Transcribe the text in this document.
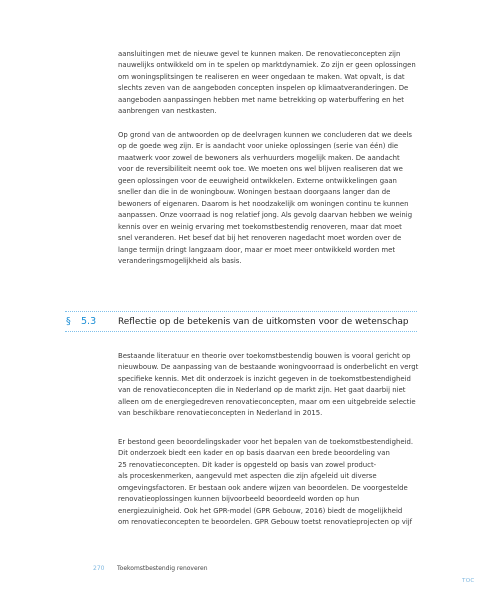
aansluitingen met de nieuwe gevel te kunnen maken. De renovatieconcepten zijn
nauwelijks ontwikkeld om in te spelen op marktdynamiek. Zo zijn er geen oplossingen
om woningsplitsingen te realiseren en weer ongedaan te maken. Wat opvalt, is dat
slechts zeven van de aangeboden concepten inspelen op klimaatveranderingen. De
aangeboden aanpassingen hebben met name betrekking op waterbuffering en het
aanbrengen van nestkasten.
Op grond van de antwoorden op de deelvragen kunnen we concluderen dat we deels
op de goede weg zijn. Er is aandacht voor unieke oplossingen (serie van één) die
maatwerk voor zowel de bewoners als verhuurders mogelijk maken. De aandacht
voor de reversibiliteit neemt ook toe. We moeten ons wel blijven realiseren dat we
geen oplossingen voor de eeuwigheid ontwikkelen. Externe ontwikkelingen gaan
sneller dan die in de woningbouw. Woningen bestaan doorgaans langer dan de
bewoners of eigenaren. Daarom is het noodzakelijk om woningen continu te kunnen
aanpassen. Onze voorraad is nog relatief jong. Als gevolg daarvan hebben we weinig
kennis over en weinig ervaring met toekomstbestendig renoveren, maar dat moet
snel veranderen. Het besef dat bij het renoveren nagedacht moet worden over de
lange termijn dringt langzaam door, maar er moet meer ontwikkeld worden met
veranderingsmogelijkheid als basis.
§ 5.3 Reflectie op de betekenis van de uitkomsten voor de wetenschap
Bestaande literatuur en theorie over toekomstbestendig bouwen is vooral gericht op
nieuwbouw. De aanpassing van de bestaande woningvoorraad is onderbelicht en vergt
specifieke kennis. Met dit onderzoek is inzicht gegeven in de toekomstbestendigheid
van de renovatieconcepten die in Nederland op de markt zijn. Het gaat daarbij niet
alleen om de energiegedreven renovatieconcepten, maar om een uitgebreide selectie
van beschikbare renovatieconcepten in Nederland in 2015.
Er bestond geen beoordelingskader voor het bepalen van de toekomstbestendigheid.
Dit onderzoek biedt een kader en op basis daarvan een brede beoordeling van
25 renovatieconcepten. Dit kader is opgesteld op basis van zowel product-
als proceskenmerken, aangevuld met aspecten die zijn afgeleid uit diverse
omgevingsfactoren. Er bestaan ook andere wijzen van beoordelen. De voorgestelde
renovatieoplossingen kunnen bijvoorbeeld beoordeeld worden op hun
energiezuinigheid. Ook het GPR-model (GPR Gebouw, 2016) biedt de mogelijkheid
om renovatieconcepten te beoordelen. GPR Gebouw toetst renovatieprojecten op vijf
270 Toekomstbestendig renoveren
TOC
